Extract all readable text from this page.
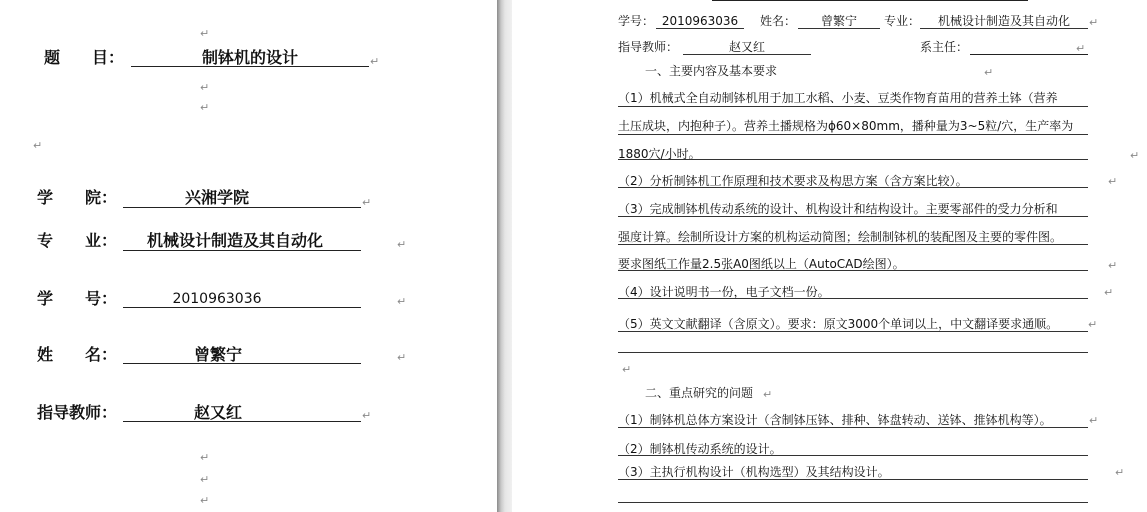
↵
↵
↵
↵
题　　目：	制钵机的设计	↵
学　　院：	兴湘学院	↵
专　　业：	机械设计制造及其自动化	↵
学　　号：	2010963036	↵
姓　　名：	曾繁宁	↵
指导教师：	赵又红	↵
↵
↵
↵
学号： 2010963036	姓名：	曾繁宁	专业：	机械设计制造及其自动化	↵
指导教师：	赵又红	系主任：	↵
一、主要内容及基本要求	↵
（1）机械式全自动制钵机用于加工水稻、小麦、豆类作物育苗用的营养土钵（营养
土压成块，内抱种子）。营养土播规格为ϕ60×80mm，播种量为3~5粒/穴，生产率为
1880穴/小时。	↵
（2）分析制钵机工作原理和技术要求及构思方案（含方案比较）。	↵
（3）完成制钵机传动系统的设计、机构设计和结构设计。主要零部件的受力分析和
强度计算。绘制所设计方案的机构运动简图；绘制制钵机的装配图及主要的零件图。
要求图纸工作量2.5张A0图纸以上（AutoCAD绘图）。	↵
（4）设计说明书一份，电子文档一份。	↵
（5）英文文献翻译（含原文）。要求：原文3000个单词以上，中文翻译要求通顺。	↵
↵
二、重点研究的问题 ↵
（1）制钵机总体方案设计（含制钵压钵、排种、钵盘转动、送钵、推钵机构等）。	↵
（2）制钵机传动系统的设计。
（3）主执行机构设计（机构选型）及其结构设计。	↵
